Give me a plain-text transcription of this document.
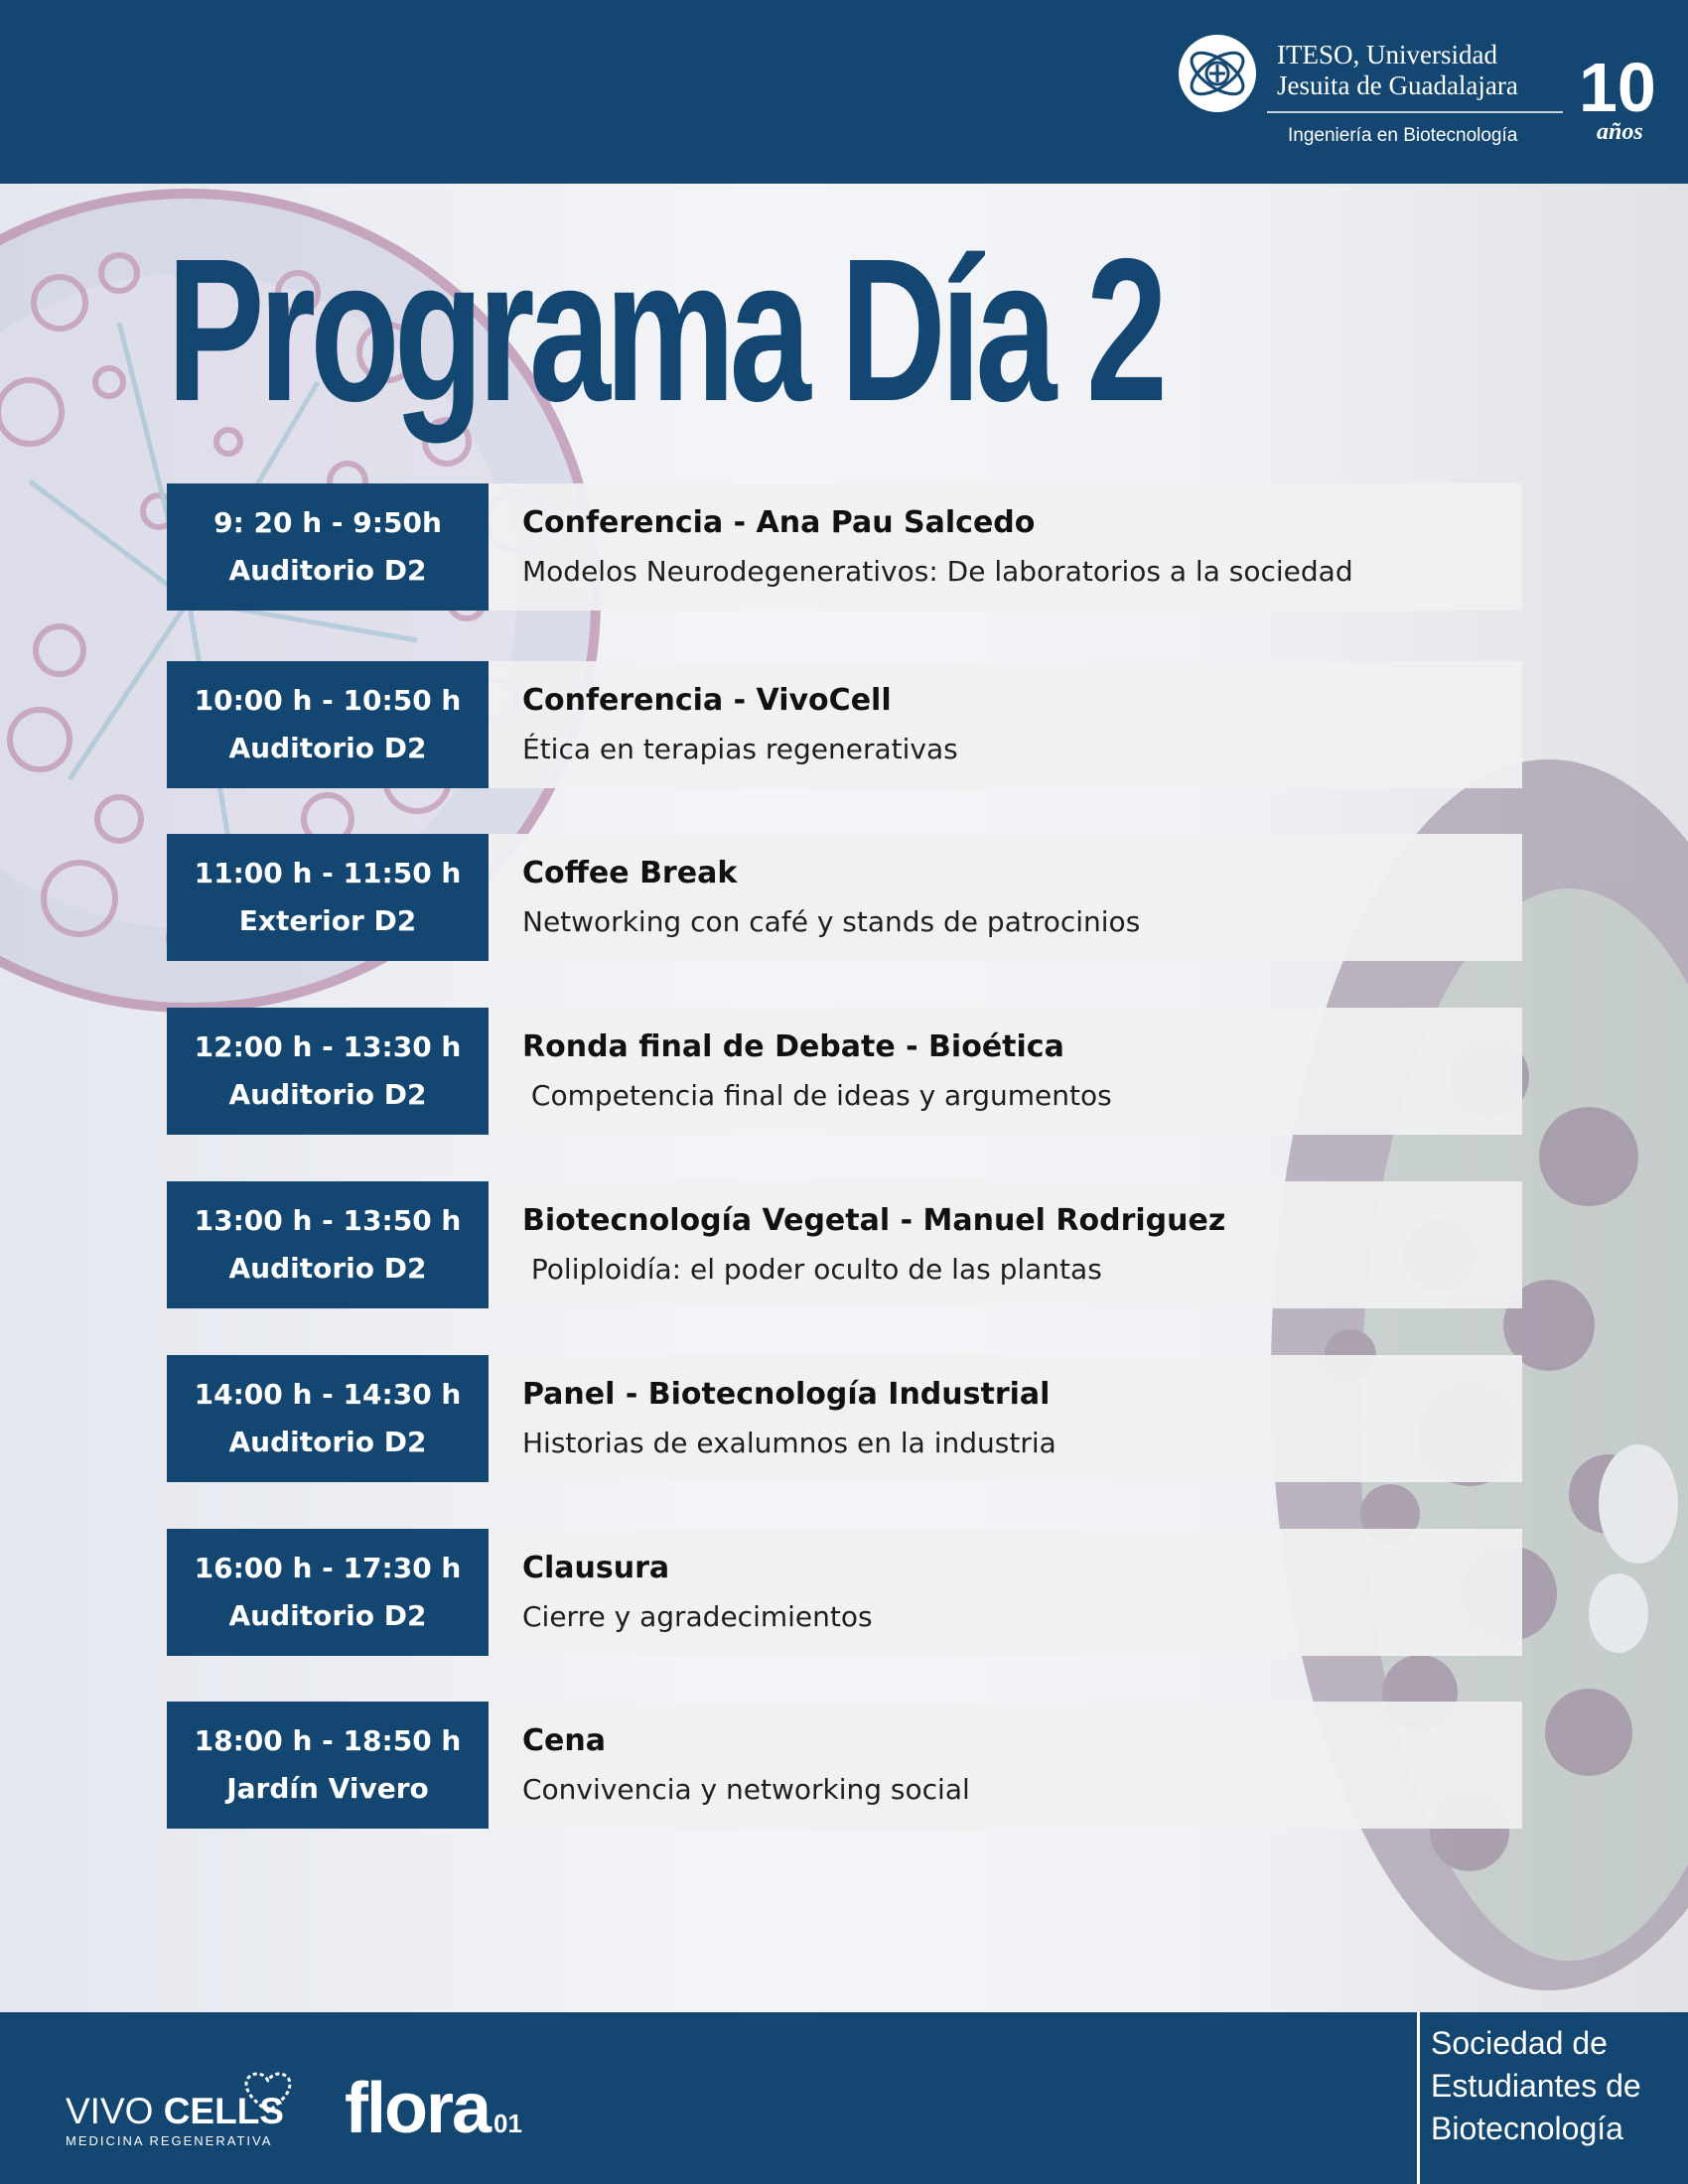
ITESO, Universidad
Jesuita de Guadalajara
Ingeniería en Biotecnología
10
años
Programa Día 2
9: 20 h - 9:50h
Auditorio D2
Conferencia - Ana Pau Salcedo
Modelos Neurodegenerativos: De laboratorios a la sociedad
10:00 h - 10:50 h
Auditorio D2
Conferencia - VivoCell
Ética en terapias regenerativas
11:00 h - 11:50 h
Exterior D2
Coffee Break
Networking con café y stands de patrocinios
12:00 h - 13:30 h
Auditorio D2
Ronda final de Debate - Bioética
Competencia final de ideas y argumentos
13:00 h - 13:50 h
Auditorio D2
Biotecnología Vegetal - Manuel Rodriguez
Poliploidía: el poder oculto de las plantas
14:00 h - 14:30 h
Auditorio D2
Panel - Biotecnología Industrial
Historias de exalumnos en la industria
16:00 h - 17:30 h
Auditorio D2
Clausura
Cierre y agradecimientos
18:00 h - 18:50 h
Jardín Vivero
Cena
Convivencia y networking social
VIVO CELLS
MEDICINA REGENERATIVA flora 01
Sociedad de
Estudiantes de
Biotecnología
